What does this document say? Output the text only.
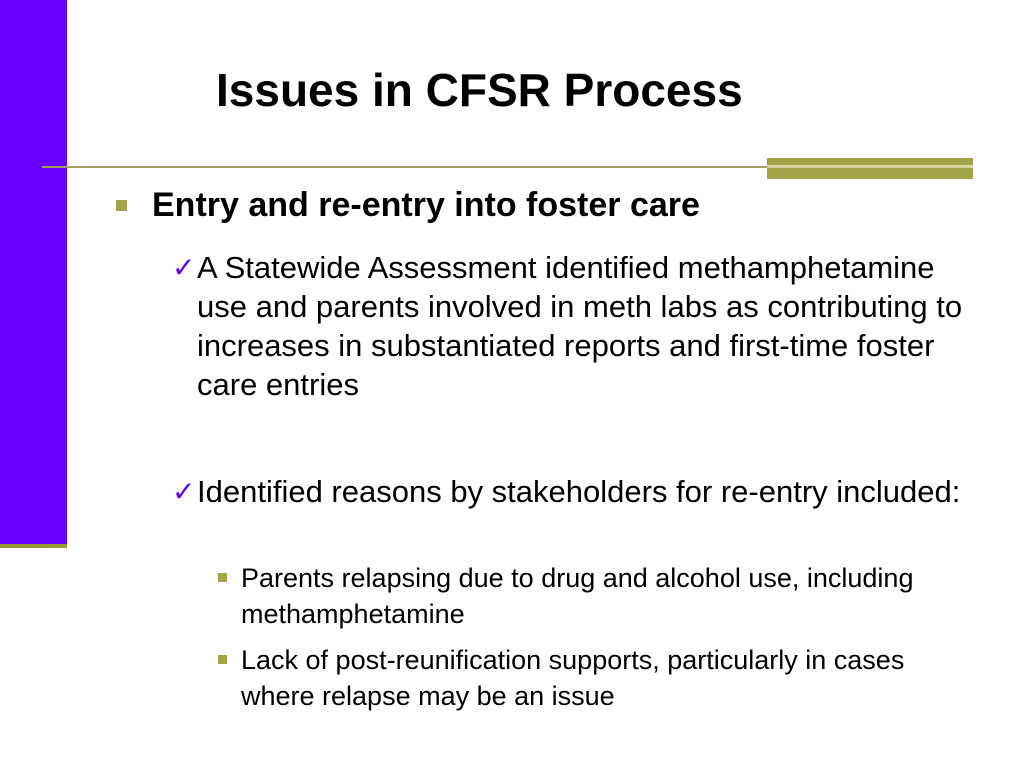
Issues in CFSR Process
Entry and re-entry into foster care
✓ A Statewide Assessment identified methamphetamine use and parents involved in meth labs as contributing to increases in substantiated reports and first-time foster care entries
✓ Identified reasons by stakeholders for re-entry included:
Parents relapsing due to drug and alcohol use, including methamphetamine
Lack of post-reunification supports, particularly in cases where relapse may be an issue
